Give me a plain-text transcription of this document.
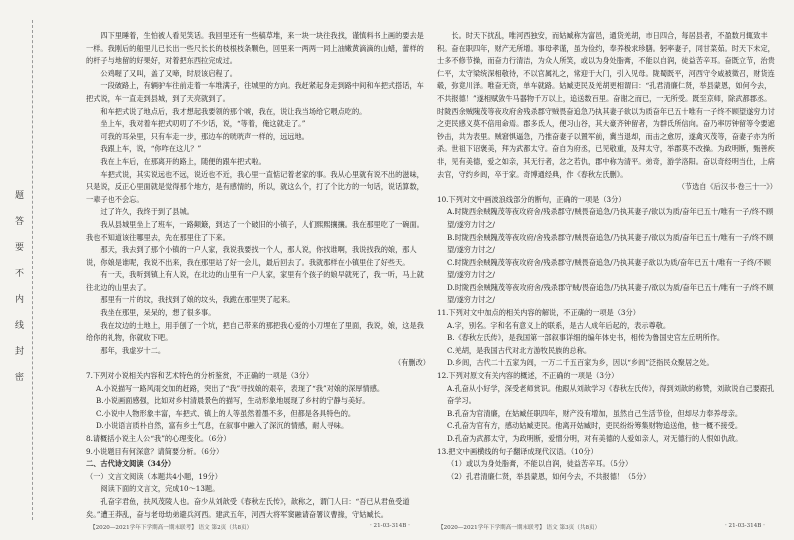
题
答
要
不
内
线
封
密

四下里睡着，生怕被人看见笑话。我回里还有一些稿草堆，来一块一块往我找，谨慎料书上画的要去是一样。我刚后的船里儿已长出一些尺长长的枝根枝条颗色，回里来一两两一同上油嫩黄滴滴的山蜡，蕾样的的杆子与地留的好果好，对着把东西拉完成过。

公鸡喔了又叫，盖了又啼，时辰该启程了。

一段破路上，有辆驴车往前走着一车堆满子，往城里的方向。我赶紧起身走到路中间和车把式搭话，车把式说，车一直走到县城，到了天亮就到了。

和车把式说了地点后，我才想起我要领的那个唬，我在，说让我当场给它喂点吃的。

坐上车，我对着车把式叨叨了不少话，说，“等着，俺这就走了。”

可我的耳朵里，只有车走一步，那边车的咣咣声一样的，远远地。

我跟上车，说，“你咋在这儿？”

我在上车后，在那离开的路上，随便的跟车把式啦。

车把式说，其实说远也不远，说近也不近，我心里一直惦记着老家的事。我从心里就有说不出的滋味，只是说，反正心里面就是觉得那个地方，是有感情的，所以，就这么个，打了个比方的一句话，说话算数，一辈子也不会忘。

过了许久，我终于到了县城。

我从县城里坐上了班车，一路颠簸，到达了一个破旧的小镇子，人们熙熙攘攘。我在那里吃了一碗面。我也不知道该往哪里去，先在那里住了下来。

那天，我去到了那个小镇的一户人家，我说我要找一个人，那人说，你找谁啊，我说找我的娘，那人说，你娘是谁呢，我说不出来，我在那里站了好一会儿，最后回去了。我就那样在小镇里住了好些天。

有一天，我听到镇上有人说，在北边的山里有一户人家，家里有个孩子的娘早就死了，我一听，马上就往北边的山里去了。

那里有一片的坟，我找到了娘的坟头，我跪在那里哭了起来。

我坐在那里，呆呆的，想了很多事。

我在坟边的土地上，用手刨了一个坑，把自己带来的那把我心爱的小刀埋在了里面，我说，娘，这是我给你的礼物，你就收下吧。

那年，我虚岁十二。

（有删改）

7.下列对小说相关内容和艺术特色的分析鉴赏，不正确的一项是（3分）

A.小说描写一路风雨交加的赶路，突出了“我”寻找娘的艰辛，表现了“我”对娘的深厚情感。

B.小说画面感强，比如对乡村清晨景色的描写，生动形象地展现了乡村的宁静与美好。

C.小说中人物形象丰富，车把式、镇上的人等虽然着墨不多，但都是各具特色的。

D.小说语言质朴自然，富有乡土气息，在叙事中融入了深沉的情感，耐人寻味。

8.请概括小说主人公“我”的心理变化。（6分）

9.小说题目有何深意？请简要分析。（6分）

二、古代诗文阅读（34分）

（一）文言文阅读（本题共4小题，19分）

阅读下面的文言文，完成10～13题。

孔奋字君鱼，扶风茂陵人也。奋少从刘歆受《春秋左氏传》，歆称之，谓门人曰：“吾已从君鱼受道矣。”遭王莽乱，奋与老母幼弟避兵河西。建武五年，河西大将军窦融请奋署议曹掾，守姑臧长。

长。时天下扰乱，唯河西独安，而姑臧称为富邑，通货羌胡，市日四合，每居县者，不盈数月辄致丰积。奋在职四年，财产无所增。事母孝谨，虽为俭约，奉养极求珍膳。躬率妻子，同甘菜茹。时天下未定，士多不修节操，而奋力行清洁，为众人所笑，或以为身处脂膏，不能以自润，徒益苦辛耳。奋既立节，治贵仁平，太守梁统深相敬待，不以官属礼之，常迎于大门，引入见母。陇蜀既平，河西守令咸被徵召，财货连毂，弥竟川泽。唯奋无资，单车就路。姑臧吏民及羌胡更相谓曰：“孔君清廉仁贤，举县蒙恩，如何今去，不共报德！”遂相赋敛牛马器物千万以上，追送数百里。奋谢之而已，一无所受。既至京师，除武都郡丞。时陇西余贼隗茂等夜攻府舍残杀郡守贼畏奋追急乃执其妻子欲以为质奋年已五十唯有一子终不顾望遂穷力讨之吏民感义莫不倍用命焉。郡多氐人，便习山谷，其大豪齐钟留者，为群氐所信向。奋乃率厉钟留等令要遮钞击，共为表里。贼窘惧逼急，乃推奋妻子以置军前，冀当退却，而击之愈厉，遂禽灭茂等，奋妻子亦为所杀。世祖下诏褒美，拜为武都太守。奋自为府丞，已见敬重，及拜太守，举郡莫不改操。为政明断，甄善疾非，见有美德，爱之如亲，其无行者，忿之若仇，郡中称为清平。弟奇，游学洛阳。奋以奇经明当仕，上病去官，守约乡闾，卒于家。奇博通经典，作《春秋左氏删》。

（节选自《后汉书·卷三十一》）

10.下列对文中画波浪线部分的断句，正确的一项是（3分）

A.时陇西余贼隗茂等夜攻府舍/残杀郡守/贼畏奋追急/乃执其妻子/欲以为质/奋年已五十/唯有一子/终不顾望/遂穷力讨之/

B.时陇西余贼隗茂等夜攻府/舍残杀郡守/贼畏奋追急/乃执其妻子/欲以为质/奋年已五十/唯有一子/终不顾望/遂穷力讨之/

C.时陇西余贼隗茂等夜攻府舍/残杀郡守/贼畏奋追急/乃执其妻子欲以为质/奋年已五十/唯有一子终/不顾望/遂穷力讨之/

D.时陇西余贼隗茂等夜攻府舍/残杀郡守贼/畏奋追急/乃执其妻子/欲以为质/奋年已五十/唯有一子/终不顾望/遂穷力讨之/

11.下列对文中加点的相关内容的解说，不正确的一项是（3分）

A.字，别名。字和名有意义上的联系，是古人成年后起的，表示尊敬。

B.《春秋左氏传》，是我国第一部叙事详细的编年体史书，相传为鲁国史官左丘明所作。

C.羌胡，是我国古代对北方游牧民族的总称。

D.乡闾，古代二十五家为闾，一万二千五百家为乡，因以“乡闾”泛指民众聚居之处。

12.下列对原文有关内容的概述，不正确的一项是（3分）

A.孔奋从小好学，深受老师赏识。他跟从刘歆学习《春秋左氏传》，得到刘歆的称赞，刘歆说自己要跟孔奋学习。

B.孔奋为官清廉，在姑臧任职四年，财产没有增加，虽然自己生活节俭，但却尽力奉养母亲。

C.孔奋为官有方，感动姑臧吏民。他离开姑臧时，吏民纷纷筹集财物追送他，他一概不接受。

D.孔奋为武都太守，为政明断，爱憎分明，对有美德的人爱如亲人，对无德行的人恨如仇敌。

13.把文中画横线的句子翻译成现代汉语。（10分）

（1）或以为身处脂膏，不能以自润，徒益苦辛耳。（5分）

（2）孔君清廉仁贤，举县蒙恩，如何今去，不共报德！（5分）

【2020—2021学年下学期高一期末联考】 语文 第2页（共8页）	· 21-03-314B ·	【2020—2021学年下学期高一期末联考】 语文 第3页（共8页）	· 21-03-314B ·
